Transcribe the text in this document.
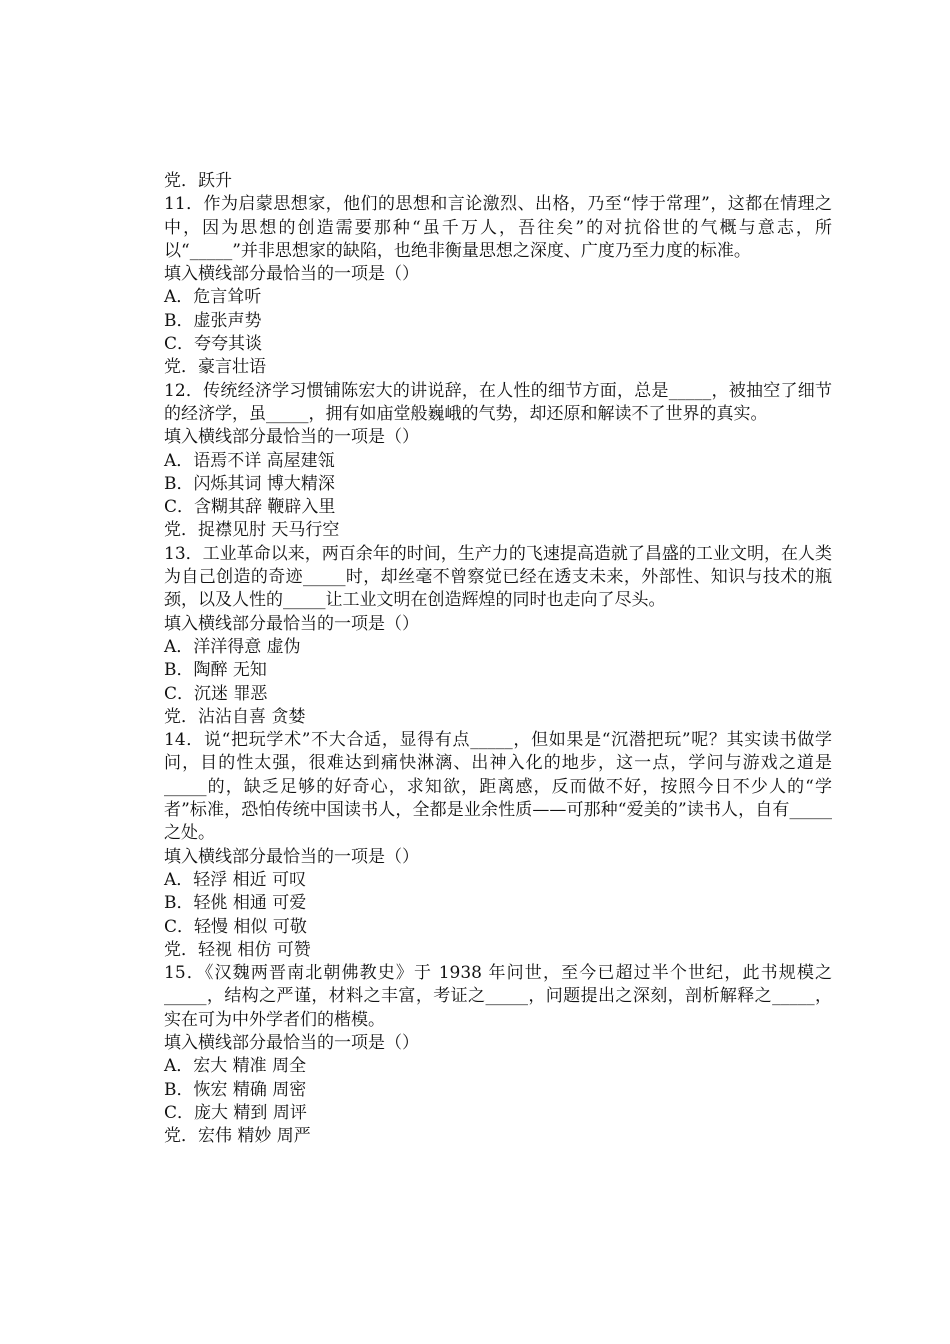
党．跃升

11．作为启蒙思想家，他们的思想和言论激烈、出格，乃至“悖于常理”，这都在情理之中，因为思想的创造需要那种“虽千万人，吾往矣”的对抗俗世的气概与意志，所以“_____”并非思想家的缺陷，也绝非衡量思想之深度、广度乃至力度的标准。

填入横线部分最恰当的一项是（）

A．危言耸听

B．虚张声势

C．夸夸其谈

党．豪言壮语

12．传统经济学习惯铺陈宏大的讲说辞，在人性的细节方面，总是_____，被抽空了细节的经济学，虽_____，拥有如庙堂般巍峨的气势，却还原和解读不了世界的真实。

填入横线部分最恰当的一项是（）

A．语焉不详 高屋建瓴

B．闪烁其词 博大精深

C．含糊其辞 鞭辟入里

党．捉襟见肘 天马行空

13．工业革命以来，两百余年的时间，生产力的飞速提高造就了昌盛的工业文明，在人类为自己创造的奇迹_____时，却丝毫不曾察觉已经在透支未来，外部性、知识与技术的瓶颈，以及人性的_____让工业文明在创造辉煌的同时也走向了尽头。

填入横线部分最恰当的一项是（）

A．洋洋得意 虚伪

B．陶醉 无知

C．沉迷 罪恶

党．沾沾自喜 贪婪

14．说“把玩学术”不大合适，显得有点_____，但如果是“沉潜把玩”呢？其实读书做学问，目的性太强，很难达到痛快淋漓、出神入化的地步，这一点，学问与游戏之道是_____的，缺乏足够的好奇心，求知欲，距离感，反而做不好，按照今日不少人的“学者”标准，恐怕传统中国读书人，全都是业余性质——可那种“爱美的”读书人，自有_____之处。

填入横线部分最恰当的一项是（）

A．轻浮 相近 可叹

B．轻佻 相通 可爱

C．轻慢 相似 可敬

党．轻视 相仿 可赞

15．《汉魏两晋南北朝佛教史》于 1938 年问世，至今已超过半个世纪，此书规模之_____，结构之严谨，材料之丰富，考证之_____，问题提出之深刻，剖析解释之_____，实在可为中外学者们的楷模。

填入横线部分最恰当的一项是（）

A．宏大 精准 周全

B．恢宏 精确 周密

C．庞大 精到 周评

党．宏伟 精妙 周严
